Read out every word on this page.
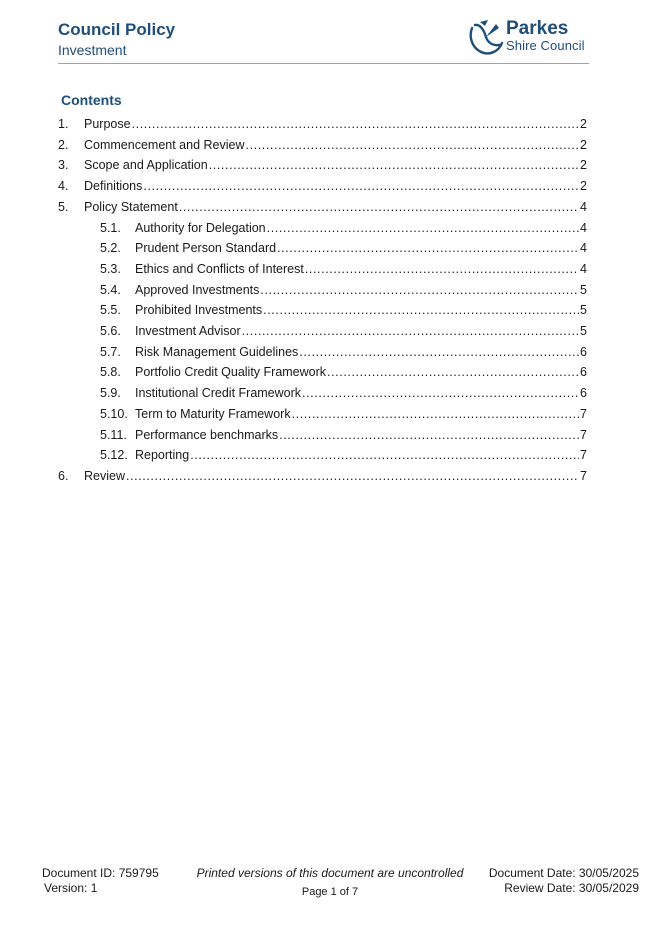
Council Policy
Investment
Parkes
Shire Council
Contents
1. Purpose .....	2
2. Commencement and Review .....	2
3. Scope and Application .....	2
4. Definitions .....	2
5. Policy Statement .....	4
5.1. Authority for Delegation .....	4
5.2. Prudent Person Standard .....	4
5.3. Ethics and Conflicts of Interest .....	4
5.4. Approved Investments .....	5
5.5. Prohibited Investments .....	5
5.6. Investment Advisor .....	5
5.7. Risk Management Guidelines .....	6
5.8. Portfolio Credit Quality Framework .....	6
5.9. Institutional Credit Framework .....	6
5.10. Term to Maturity Framework .....	7
5.11. Performance benchmarks .....	7
5.12. Reporting .....	7
6. Review .....	7
Document ID: 759795
Version: 1
Printed versions of this document are uncontrolled
Page 1 of 7
Document Date: 30/05/2025
Review Date: 30/05/2029
